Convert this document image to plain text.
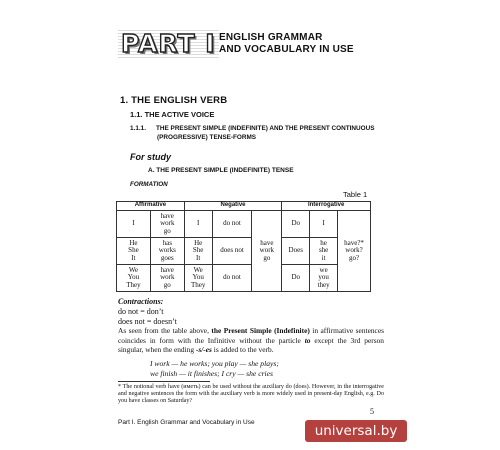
PART I ENGLISH GRAMMAR
AND VOCABULARY IN USE
1. THE ENGLISH VERB
1.1. THE ACTIVE VOICE
1.1.1. THE PRESENT SIMPLE (INDEFINITE) AND THE PRESENT CONTINUOUS
(PROGRESSIVE) TENSE-FORMS
For study
A. THE PRESENT SIMPLE (INDEFINITE) TENSE
FORMATION
Table 1
Affirmative		Negative			Interrogative		
I	have
work
go	I	do not	have
work
go	Do	I	have?*
work?
go?
He
She
It	has
works
goes	He
She
It	does not		Does	he
she
it	
We
You
They	have
work
go	We
You
They	do not		Do	we
you
they	
Contractions:
do not = don’t
does not = doesn’t
As seen from the table above, the Present Simple (Indefinite) in affirmative sentences coincides in form with the Infinitive without the particle to except the 3rd person singular, when the ending -s/-es is added to the verb.
I work — he works; you play — she plays;
we finish — it finishes; I cry — she cries
* The notional verb have (иметь) can be used without the auxiliary do (does). However, in the interrogative and negative sentences the form with the auxiliary verb is more widely used in present-day English, e.g. Do you have classes on Saturday?
5
Part I. English Grammar and Vocabulary in Use
universal.by
